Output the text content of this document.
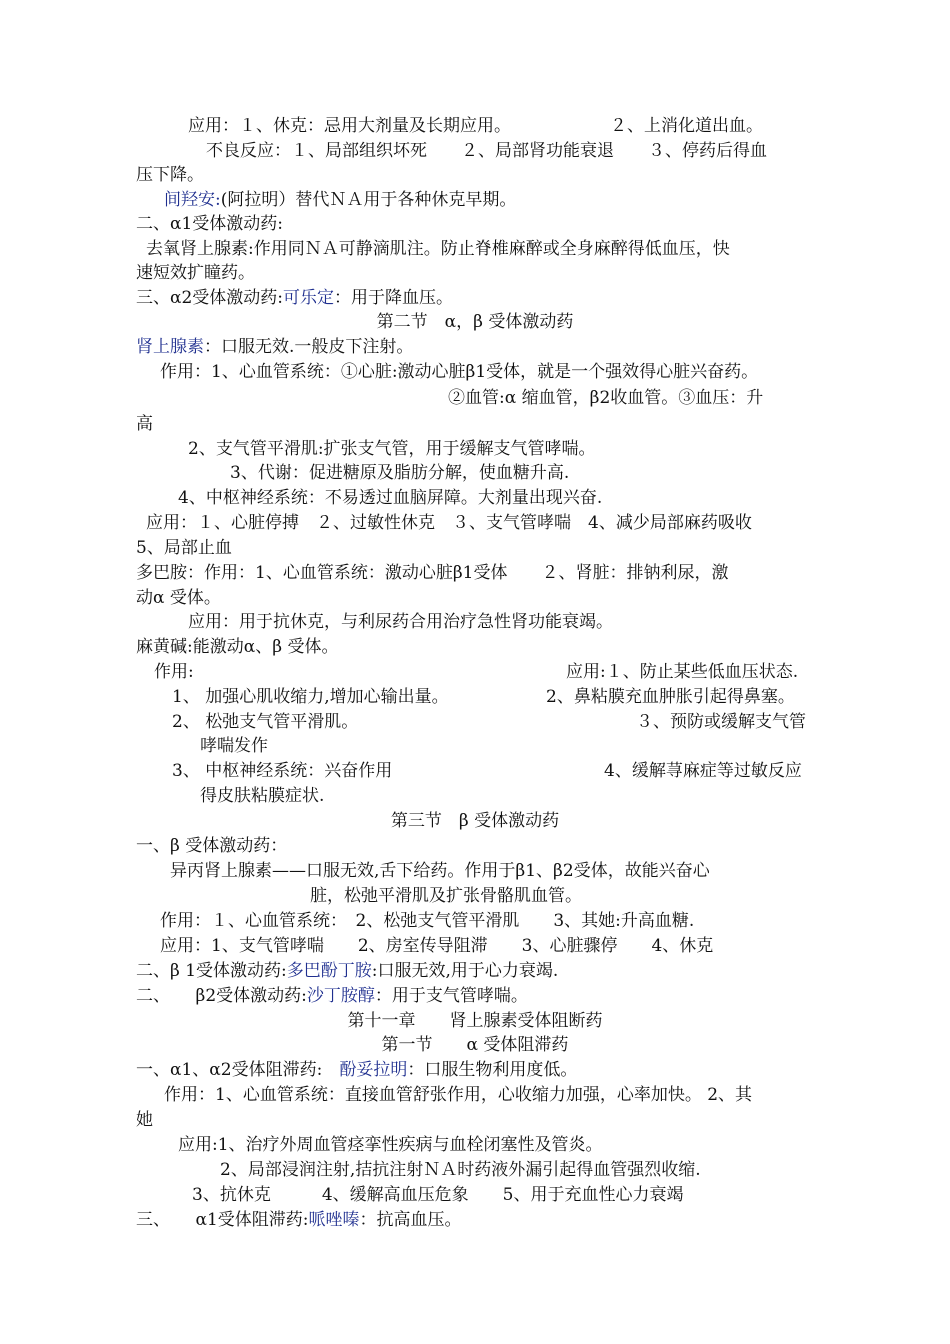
应用：１、休克：忌用大剂量及长期应用。	２、上消化道出血。
不良反应：１、局部组织坏死　　２、局部肾功能衰退　　３、停药后得血
压下降。
间羟安:(阿拉明）替代ＮＡ用于各种休克早期。
二、α1受体激动药:
去氧肾上腺素:作用同ＮＡ可静滴肌注。防止脊椎麻醉或全身麻醉得低血压，快
速短效扩瞳药。
三、α2受体激动药:可乐定：用于降血压。
第二节　α，β 受体激动药
肾上腺素：口服无效.一般皮下注射。
作用：1、心血管系统：①心脏:激动心脏β1受体，就是一个强效得心脏兴奋药。
②血管:α 缩血管，β2收血管。③血压：升
高
2、支气管平滑肌:扩张支气管，用于缓解支气管哮喘。
3、代谢：促进糖原及脂肪分解，使血糖升高.
4、中枢神经系统：不易透过血脑屏障。大剂量出现兴奋.
应用：１、心脏停搏　２、过敏性休克　３、支气管哮喘　4、减少局部麻药吸收
5、局部止血
多巴胺：作用：1、心血管系统：激动心脏β1受体　　２、肾脏：排钠利尿，激
动α 受体。
应用：用于抗休克，与利尿药合用治疗急性肾功能衰竭。
麻黄碱:能激动α、β 受体。
作用:	应用:１、防止某些低血压状态.
1、 加强心肌收缩力,增加心输出量。	2、鼻粘膜充血肿胀引起得鼻塞。
2、 松弛支气管平滑肌。	３、预防或缓解支气管
哮喘发作
3、 中枢神经系统：兴奋作用	4、缓解荨麻症等过敏反应
得皮肤粘膜症状.
第三节　β 受体激动药
一、β 受体激动药：
异丙肾上腺素——口服无效,舌下给药。作用于β1、β2受体，故能兴奋心
脏，松弛平滑肌及扩张骨骼肌血管。
作用：１、心血管系统：　2、松弛支气管平滑肌　　3、其她:升高血糖.
应用：1、支气管哮喘　　2、房室传导阻滞　　3、心脏骤停　　4、休克
二、β 1受体激动药:多巴酚丁胺:口服无效,用于心力衰竭.
二、　　β2受体激动药:沙丁胺醇：用于支气管哮喘。
第十一章　　肾上腺素受体阻断药
第一节　　α 受体阻滞药
一、α1、α2受体阻滞药:　酚妥拉明：口服生物利用度低。
作用：1、心血管系统：直接血管舒张作用，心收缩力加强，心率加快。 2、其
她
应用:1、治疗外周血管痉挛性疾病与血栓闭塞性及管炎。
2、局部浸润注射,拮抗注射ＮＡ时药液外漏引起得血管强烈收缩.
3、抗休克　　　4、缓解高血压危象　　5、用于充血性心力衰竭
三、　　α1受体阻滞药:哌唑嗪：抗高血压。
